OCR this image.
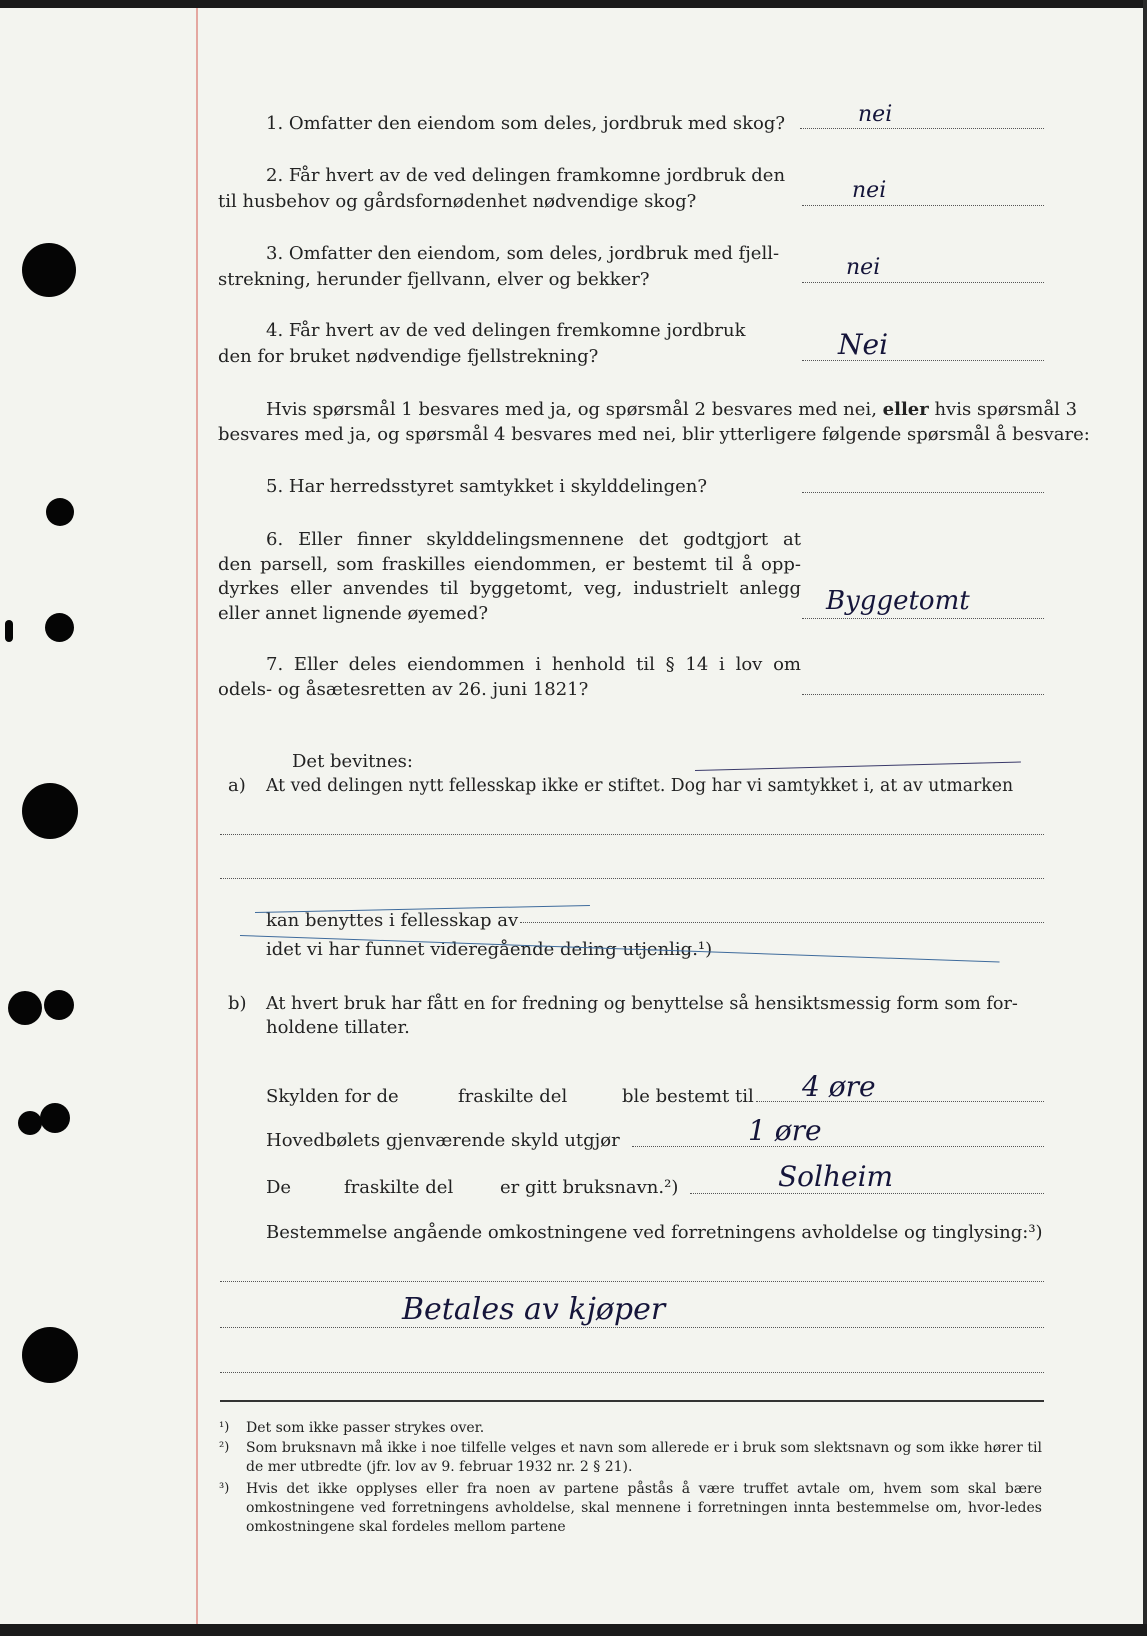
1. Omfatter den eiendom som deles, jordbruk med skog?	nei
2. Får hvert av de ved delingen framkomne jordbruk den
til husbehov og gårdsfornødenhet nødvendige skog?	nei
3. Omfatter den eiendom, som deles, jordbruk med fjell-
strekning, herunder fjellvann, elver og bekker?	nei
4. Får hvert av de ved delingen fremkomne jordbruk
den for bruket nødvendige fjellstrekning?	Nei
Hvis spørsmål 1 besvares med ja, og spørsmål 2 besvares med nei, eller hvis spørsmål 3
besvares med ja, og spørsmål 4 besvares med nei, blir ytterligere følgende spørsmål å besvare:
5. Har herredsstyret samtykket i skylddelingen?
6. Eller finner skylddelingsmennene det godtgjort at
den parsell, som fraskilles eiendommen, er bestemt til å opp-
dyrkes eller anvendes til byggetomt, veg, industrielt anlegg
eller annet lignende øyemed?	Byggetomt
7. Eller deles eiendommen i henhold til § 14 i lov om
odels- og åsætesretten av 26. juni 1821?
Det bevitnes:
a) At ved delingen nytt fellesskap ikke er stiftet. Dog har vi samtykket i, at av utmarken
kan benyttes i fellesskap av
idet vi har funnet videregående deling utjenlig.¹)
b) At hvert bruk har fått en for fredning og benyttelse så hensiktsmessig form som for-
holdene tillater.
Skylden for de	fraskilte del	ble bestemt til 4 øre
Hovedbølets gjenværende skyld utgjør	1 øre
De	fraskilte del	er gitt bruksnavn.²)	Solheim
Bestemmelse angående omkostningene ved forretningens avholdelse og tinglysing:³)
Betales av kjøper
¹) Det som ikke passer strykes over.
²) Som bruksnavn må ikke i noe tilfelle velges et navn som allerede er i bruk som slektsnavn og som ikke hører til de mer utbredte (jfr. lov av 9. februar 1932 nr. 2 § 21).
³) Hvis det ikke opplyses eller fra noen av partene påstås å være truffet avtale om, hvem som skal bære omkostningene ved forretningens avholdelse, skal mennene i forretningen innta bestemmelse om, hvor-ledes omkostningene skal fordeles mellom partene
